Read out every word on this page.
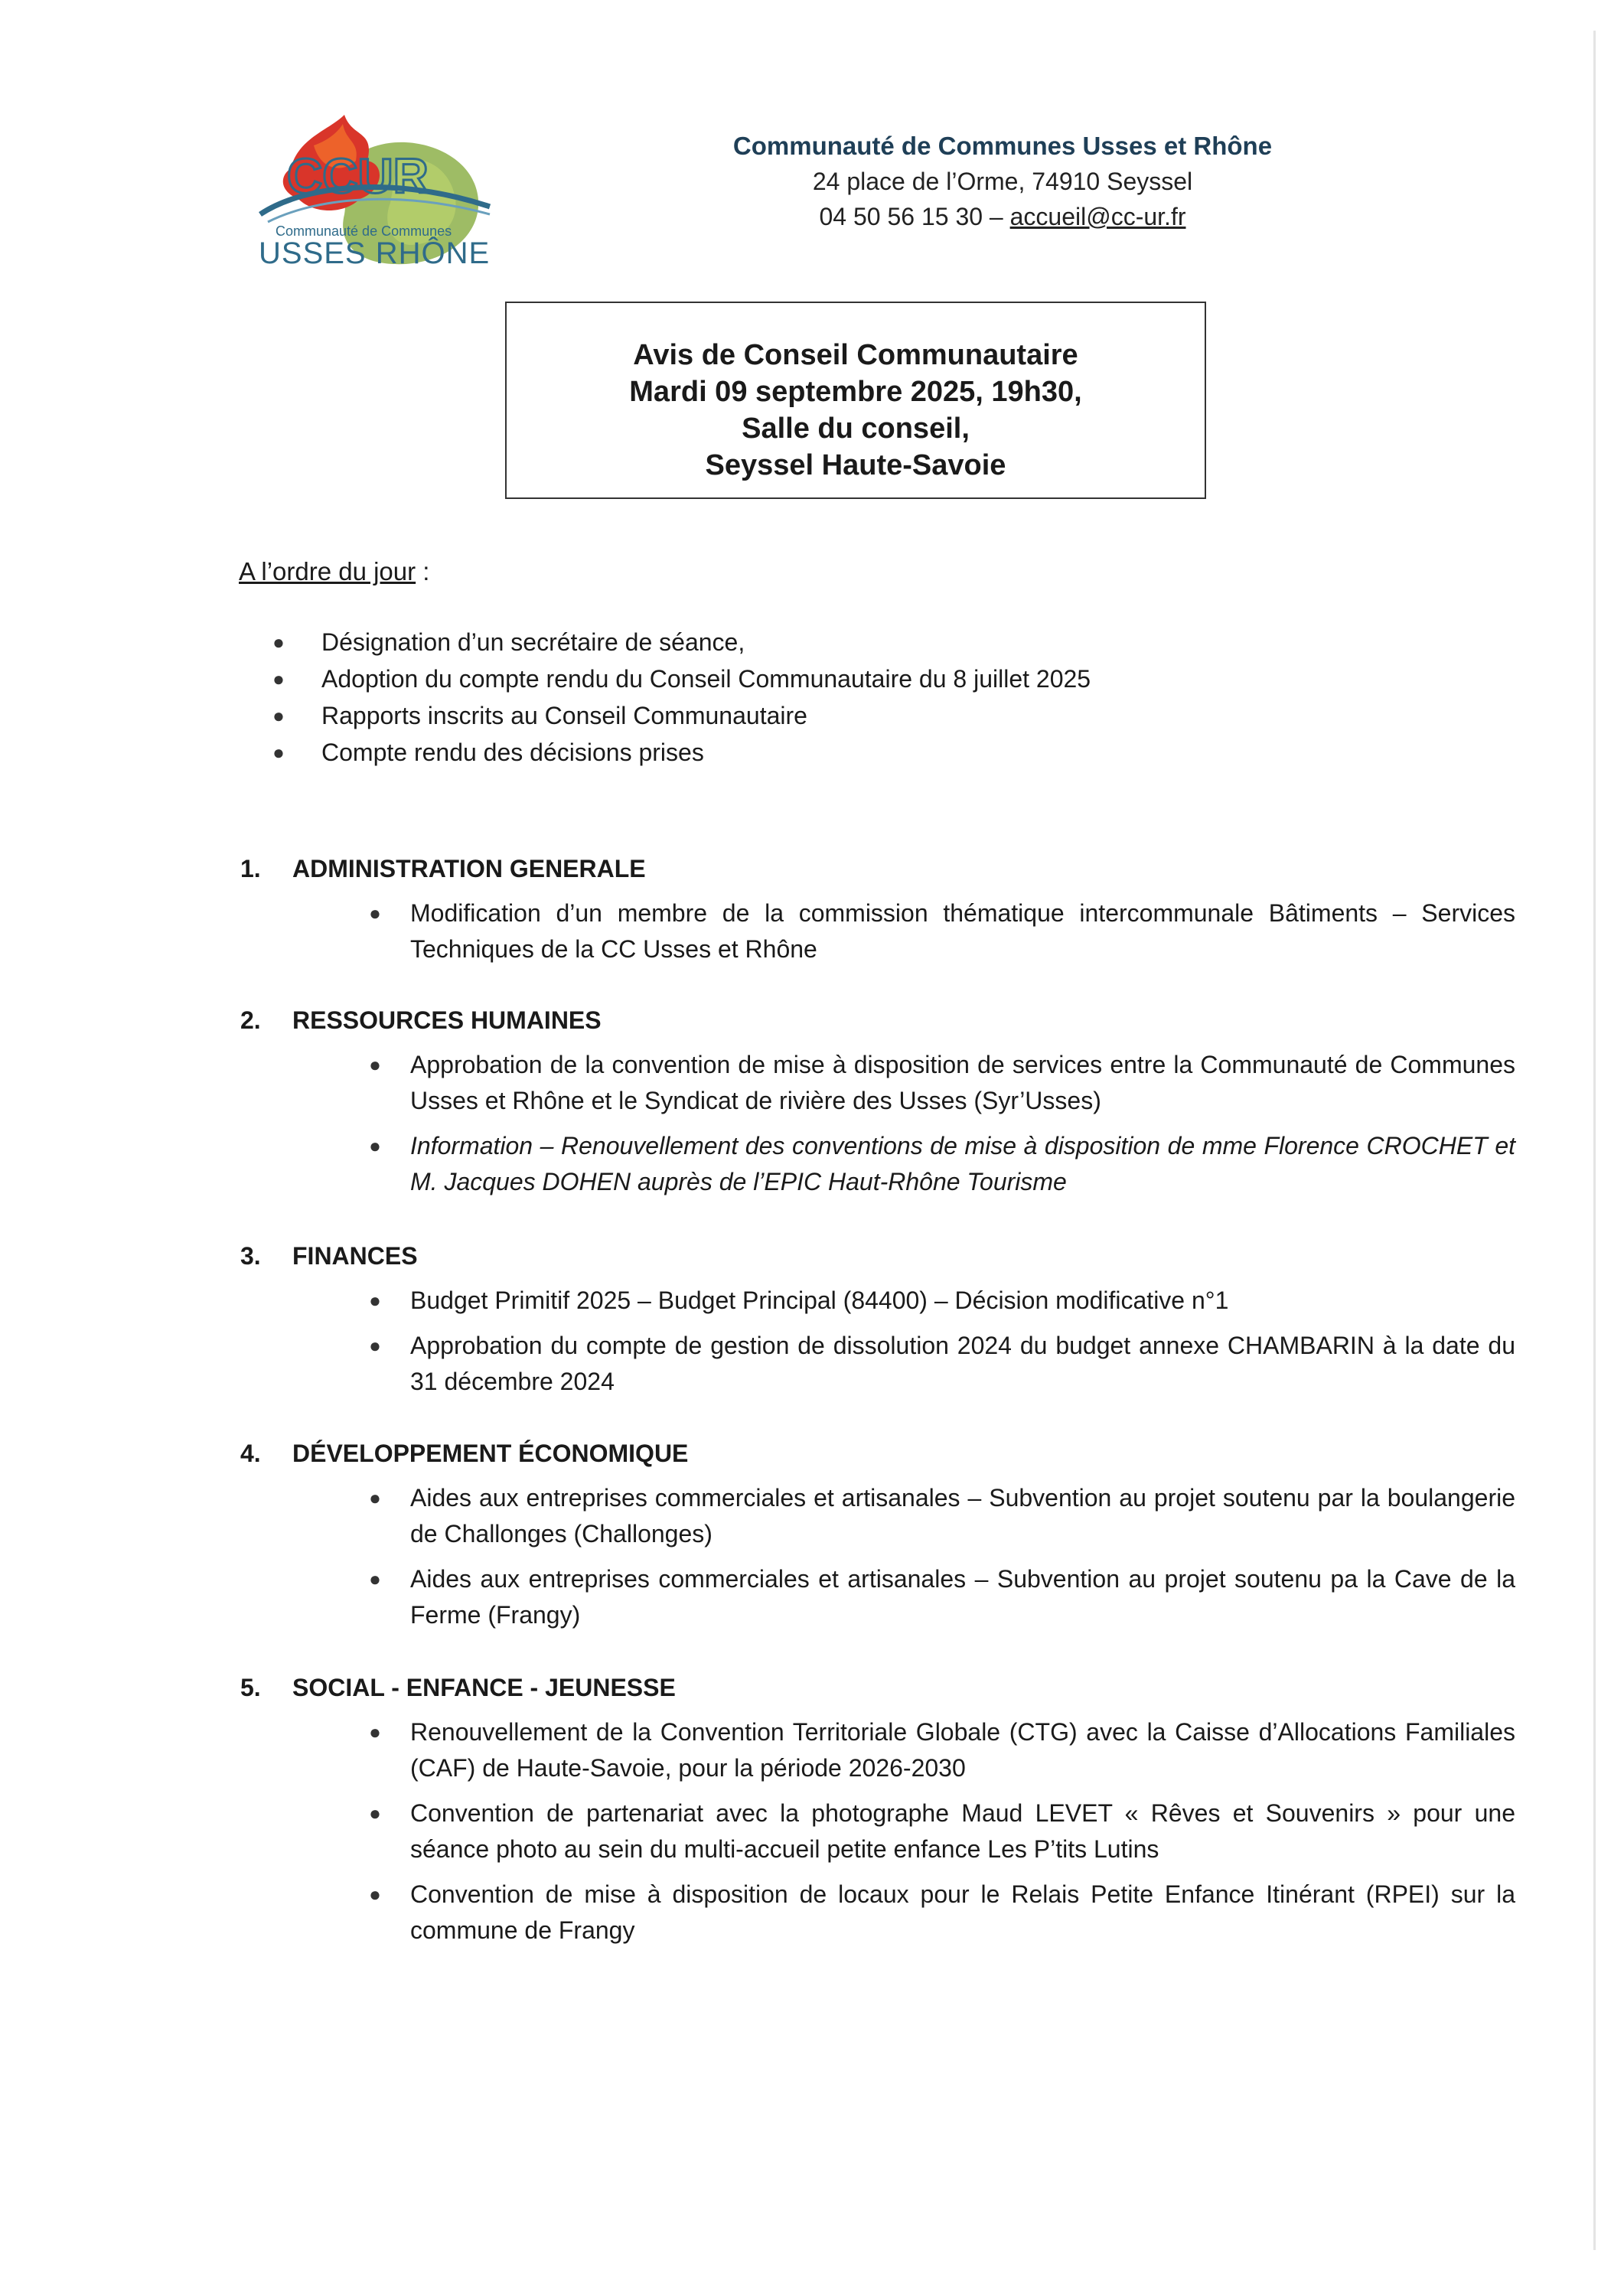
CCUR
Communauté de Communes
USSES RHÔNE
Communauté de Communes Usses et Rhône
24 place de l’Orme, 74910 Seyssel
04 50 56 15 30 – accueil@cc-ur.fr
Avis de Conseil Communautaire
Mardi 09 septembre 2025, 19h30,
Salle du conseil,
Seyssel Haute-Savoie
A l’ordre du jour :
● Désignation d’un secrétaire de séance,
● Adoption du compte rendu du Conseil Communautaire du 8 juillet 2025
● Rapports inscrits au Conseil Communautaire
● Compte rendu des décisions prises
1. ADMINISTRATION GENERALE
● Modification d’un membre de la commission thématique intercommunale Bâtiments – Services Techniques de la CC Usses et Rhône
2. RESSOURCES HUMAINES
● Approbation de la convention de mise à disposition de services entre la Communauté de Communes Usses et Rhône et le Syndicat de rivière des Usses (Syr’Usses)
● Information – Renouvellement des conventions de mise à disposition de mme Florence CROCHET et M. Jacques DOHEN auprès de l’EPIC Haut-Rhône Tourisme
3. FINANCES
● Budget Primitif 2025 – Budget Principal (84400) – Décision modificative n°1
● Approbation du compte de gestion de dissolution 2024 du budget annexe CHAMBARIN à la date du 31 décembre 2024
4. DÉVELOPPEMENT ÉCONOMIQUE
● Aides aux entreprises commerciales et artisanales – Subvention au projet soutenu par la boulangerie de Challonges (Challonges)
● Aides aux entreprises commerciales et artisanales – Subvention au projet soutenu pa la Cave de la Ferme (Frangy)
5. SOCIAL - ENFANCE - JEUNESSE
● Renouvellement de la Convention Territoriale Globale (CTG) avec la Caisse d’Allocations Familiales (CAF) de Haute-Savoie, pour la période 2026-2030
● Convention de partenariat avec la photographe Maud LEVET « Rêves et Souvenirs » pour une séance photo au sein du multi-accueil petite enfance Les P’tits Lutins
● Convention de mise à disposition de locaux pour le Relais Petite Enfance Itinérant (RPEI) sur la commune de Frangy
